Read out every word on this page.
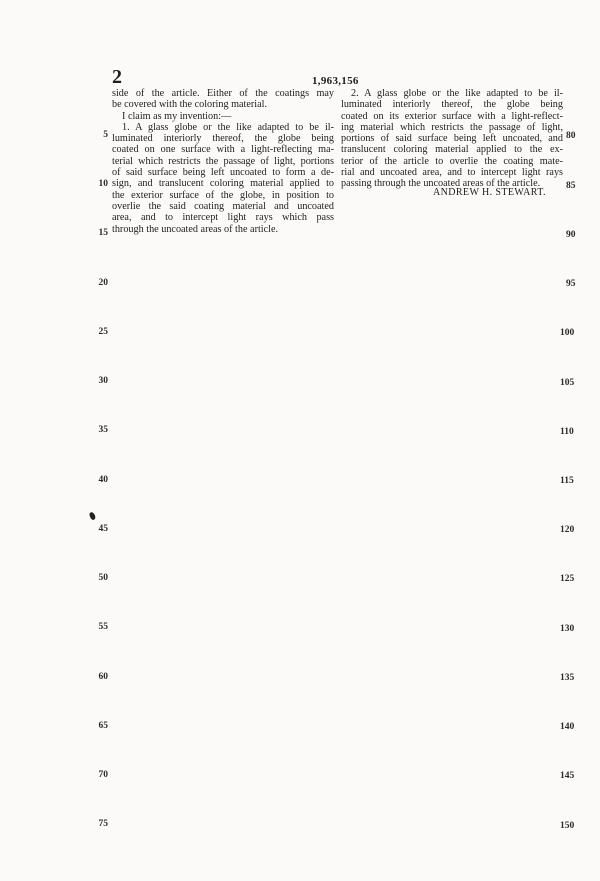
2	1,963,156
side of the article. Either of the coatings may
be covered with the coloring material.
I claim as my invention:—
1. A glass globe or the like adapted to be il-
luminated interiorly thereof, the globe being
coated on one surface with a light-reflecting ma-
terial which restricts the passage of light, portions
of said surface being left uncoated to form a de-
sign, and translucent coloring material applied to
the exterior surface of the globe, in position to
overlie the said coating material and uncoated
area, and to intercept light rays which pass
through the uncoated areas of the article.
2. A glass globe or the like adapted to be il-
luminated interiorly thereof, the globe being
coated on its exterior surface with a light-reflect-
ing material which restricts the passage of light,
portions of said surface being left uncoated, and
translucent coloring material applied to the ex-
terior of the article to overlie the coating mate-
rial and uncoated area, and to intercept light rays
passing through the uncoated areas of the article.
ANDREW H. STEWART.
5
10
15
20
25
30
35
40
45
50
55
60
65
70
75
80
85
90
95
100
105
110
115
120
125
130
135
140
145
150
